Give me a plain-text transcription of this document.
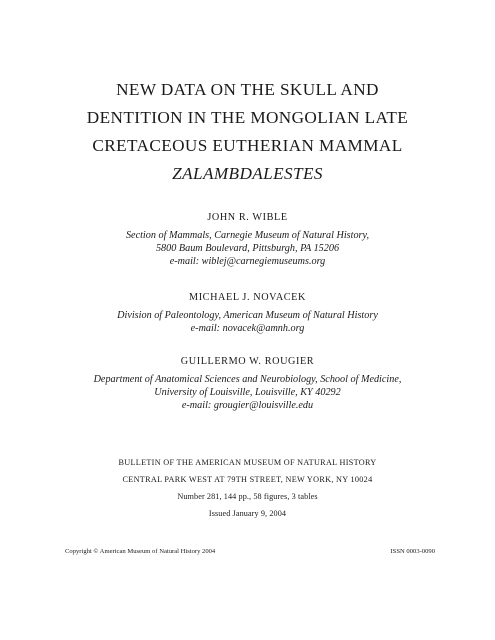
NEW DATA ON THE SKULL AND
DENTITION IN THE MONGOLIAN LATE
CRETACEOUS EUTHERIAN MAMMAL
ZALAMBDALESTES
JOHN R. WIBLE
Section of Mammals, Carnegie Museum of Natural History,
5800 Baum Boulevard, Pittsburgh, PA 15206
e-mail: wiblej@carnegiemuseums.org
MICHAEL J. NOVACEK
Division of Paleontology, American Museum of Natural History
e-mail: novacek@amnh.org
GUILLERMO W. ROUGIER
Department of Anatomical Sciences and Neurobiology, School of Medicine,
University of Louisville, Louisville, KY 40292
e-mail: grougier@louisville.edu
BULLETIN OF THE AMERICAN MUSEUM OF NATURAL HISTORY
CENTRAL PARK WEST AT 79TH STREET, NEW YORK, NY 10024
Number 281, 144 pp., 58 figures, 3 tables
Issued January 9, 2004
Copyright © American Museum of Natural History 2004	ISSN 0003-0090
